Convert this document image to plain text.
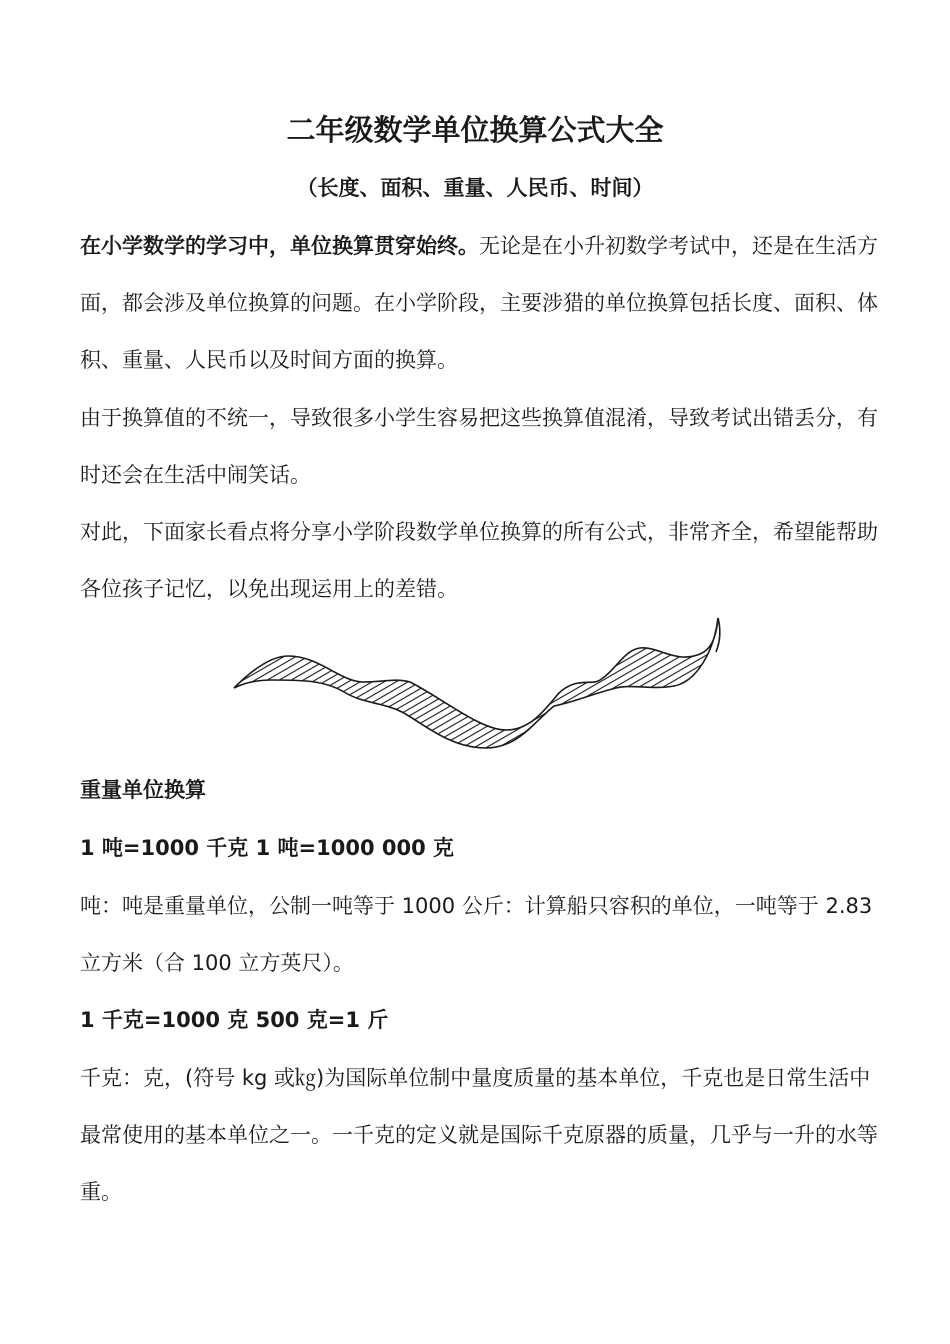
二年级数学单位换算公式大全
（长度、面积、重量、人民币、时间）

在小学数学的学习中，单位换算贯穿始终。无论是在小升初数学考试中，还是在生活方面，都会涉及单位换算的问题。在小学阶段，主要涉猎的单位换算包括长度、面积、体积、重量、人民币以及时间方面的换算。

由于换算值的不统一，导致很多小学生容易把这些换算值混淆，导致考试出错丢分，有时还会在生活中闹笑话。

对此，下面家长看点将分享小学阶段数学单位换算的所有公式，非常齐全，希望能帮助各位孩子记忆，以免出现运用上的差错。

重量单位换算
1 吨=1000 千克 1 吨=1000 000 克

吨：吨是重量单位，公制一吨等于 1000 公斤：计算船只容积的单位，一吨等于 2.83 立方米（合 100 立方英尺）。

1 千克=1000 克 500 克=1 斤

千克：克，(符号 kg 或㎏)为国际单位制中量度质量的基本单位，千克也是日常生活中最常使用的基本单位之一。一千克的定义就是国际千克原器的质量，几乎与一升的水等重。
